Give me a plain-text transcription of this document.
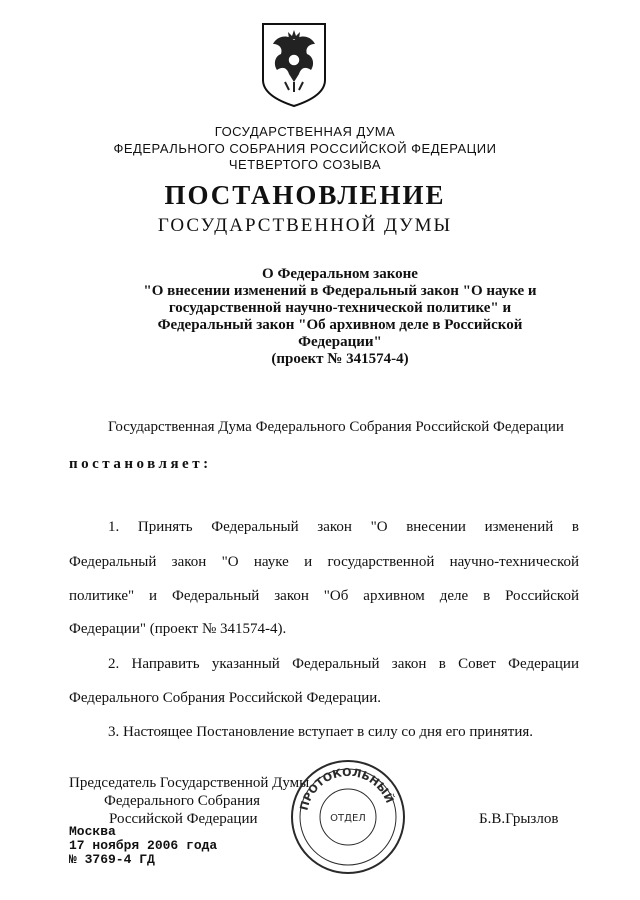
ГОСУДАРСТВЕННАЯ ДУМА
ФЕДЕРАЛЬНОГО СОБРАНИЯ РОССИЙСКОЙ ФЕДЕРАЦИИ
ЧЕТВЕРТОГО СОЗЫВА
ПОСТАНОВЛЕНИЕ
ГОСУДАРСТВЕННОЙ ДУМЫ
О Федеральном законе
"О внесении изменений в Федеральный закон "О науке и
государственной научно-технической политике" и
Федеральный закон "Об архивном деле в Российской
Федерации"
(проект № 341574-4)
Государственная Дума Федерального Собрания Российской Федерации
постановляет:
1. Принять Федеральный закон "О внесении изменений в
Федеральный закон "О науке и государственной научно-технической
политике" и Федеральный закон "Об архивном деле в Российской
Федерации" (проект № 341574-4).
2. Направить указанный Федеральный закон в Совет Федерации
Федерального Собрания Российской Федерации.
3. Настоящее Постановление вступает в силу со дня его принятия.
Председатель Государственной Думы
Федерального Собрания
Российской Федерации	Б.В.Грызлов
ПРОТОКОЛЬНЫЙ
ОТДЕЛ
Москва
17 ноября 2006 года
№ 3769-4 ГД
